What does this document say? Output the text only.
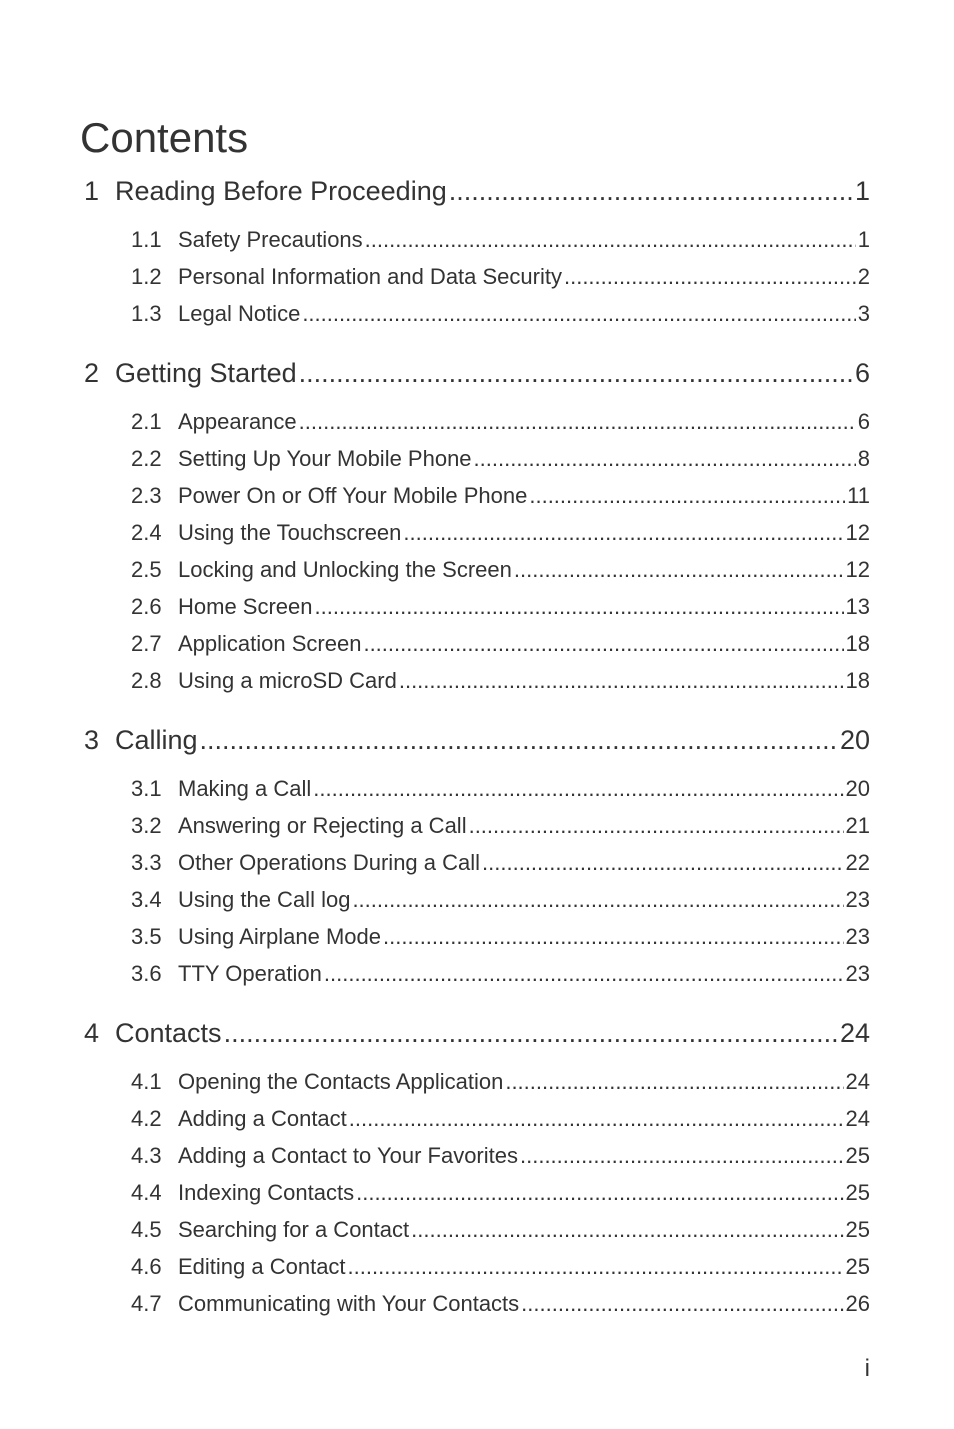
Contents
1 Reading Before Proceeding .....	1
1.1 Safety Precautions .....	1
1.2 Personal Information and Data Security .....	2
1.3 Legal Notice .....	3
2 Getting Started .....	6
2.1 Appearance .....	6
2.2 Setting Up Your Mobile Phone .....	8
2.3 Power On or Off Your Mobile Phone .....	11
2.4 Using the Touchscreen .....	12
2.5 Locking and Unlocking the Screen .....	12
2.6 Home Screen .....	13
2.7 Application Screen .....	18
2.8 Using a microSD Card .....	18
3 Calling .....	20
3.1 Making a Call .....	20
3.2 Answering or Rejecting a Call .....	21
3.3 Other Operations During a Call .....	22
3.4 Using the Call log .....	23
3.5 Using Airplane Mode .....	23
3.6 TTY Operation .....	23
4 Contacts .....	24
4.1 Opening the Contacts Application .....	24
4.2 Adding a Contact .....	24
4.3 Adding a Contact to Your Favorites .....	25
4.4 Indexing Contacts .....	25
4.5 Searching for a Contact .....	25
4.6 Editing a Contact .....	25
4.7 Communicating with Your Contacts .....	26
i
